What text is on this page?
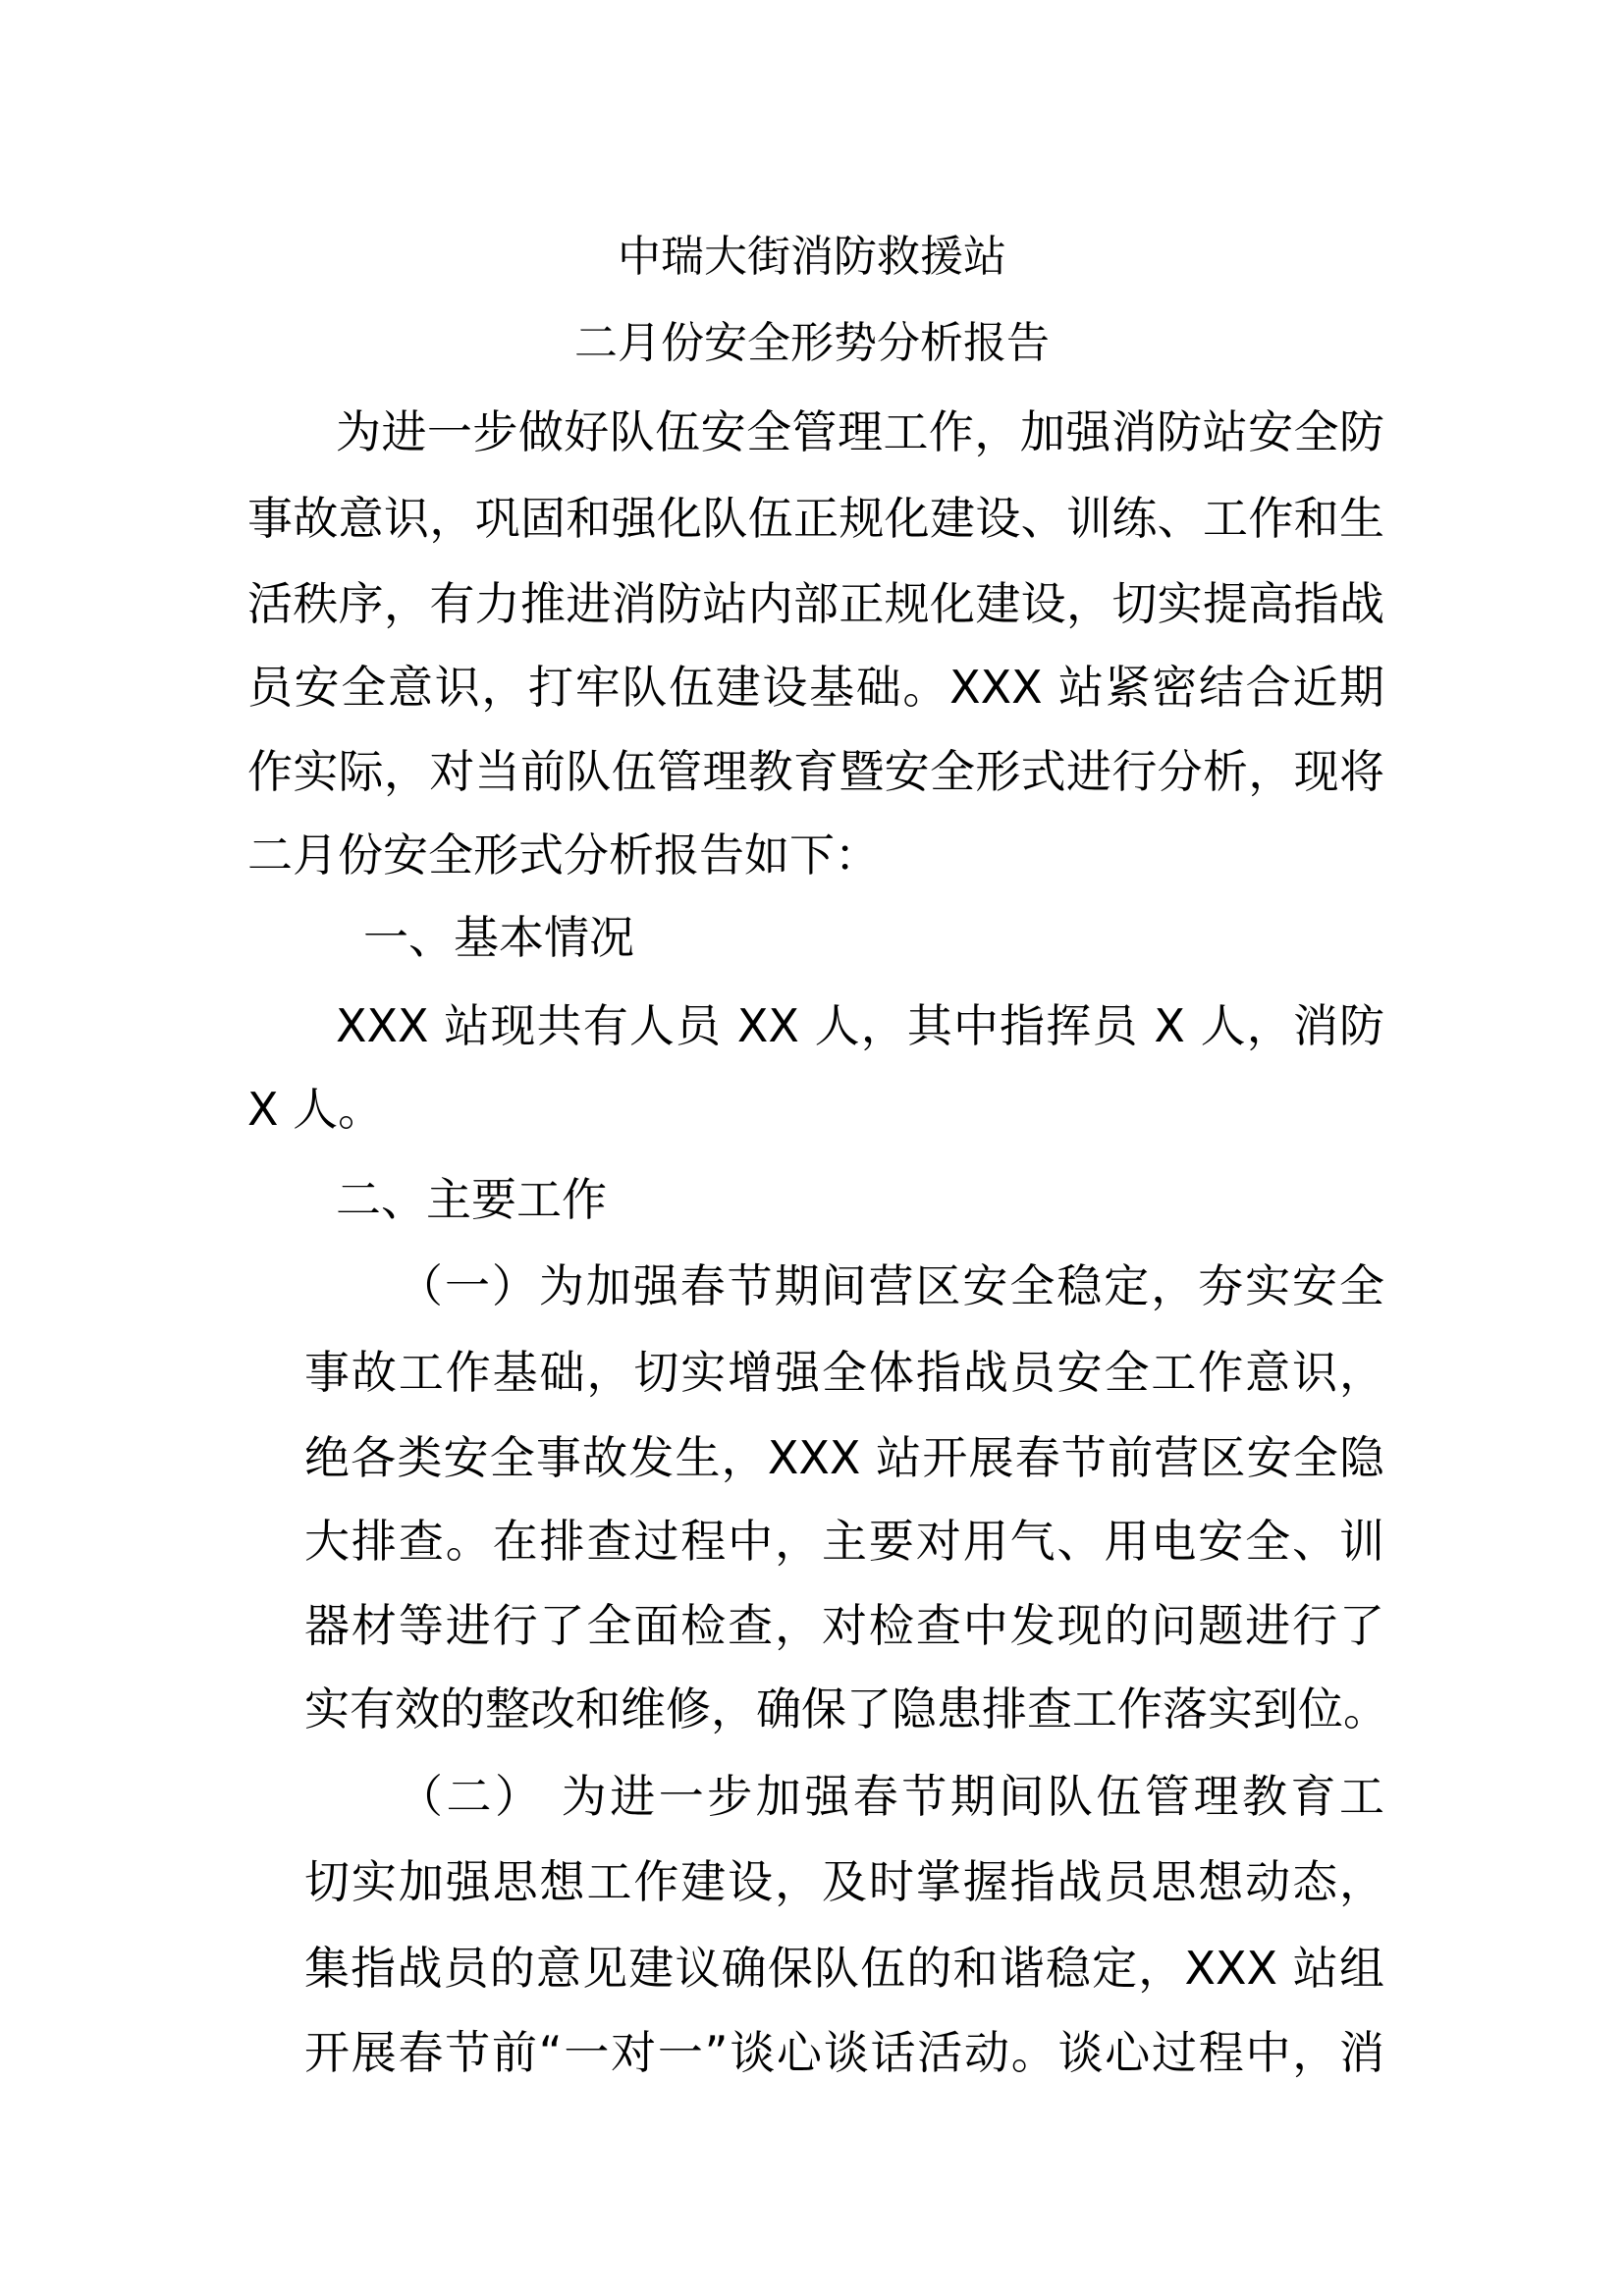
中瑞大街消防救援站
二月份安全形势分析报告
为进一步做好队伍安全管理工作，加强消防站安全防
事故意识，巩固和强化队伍正规化建设、训练、工作和生
活秩序，有力推进消防站内部正规化建设，切实提高指战
员安全意识，打牢队伍建设基础。XXX 站紧密结合近期
作实际，对当前队伍管理教育暨安全形式进行分析，现将
二月份安全形式分析报告如下：
一、基本情况
XXX 站现共有人员 XX 人，其中指挥员 X 人，消防
X 人。
二、主要工作
（一）为加强春节期间营区安全稳定，夯实安全
事故工作基础，切实增强全体指战员安全工作意识，
绝各类安全事故发生，XXX 站开展春节前营区安全隐
大排查。在排查过程中，主要对用气、用电安全、训
器材等进行了全面检查，对检查中发现的问题进行了
实有效的整改和维修，确保了隐患排查工作落实到位。
（二） 为进一步加强春节期间队伍管理教育工
切实加强思想工作建设，及时掌握指战员思想动态，
集指战员的意见建议确保队伍的和谐稳定，XXX 站组
开展春节前“一对一”谈心谈话活动。谈心过程中，消
